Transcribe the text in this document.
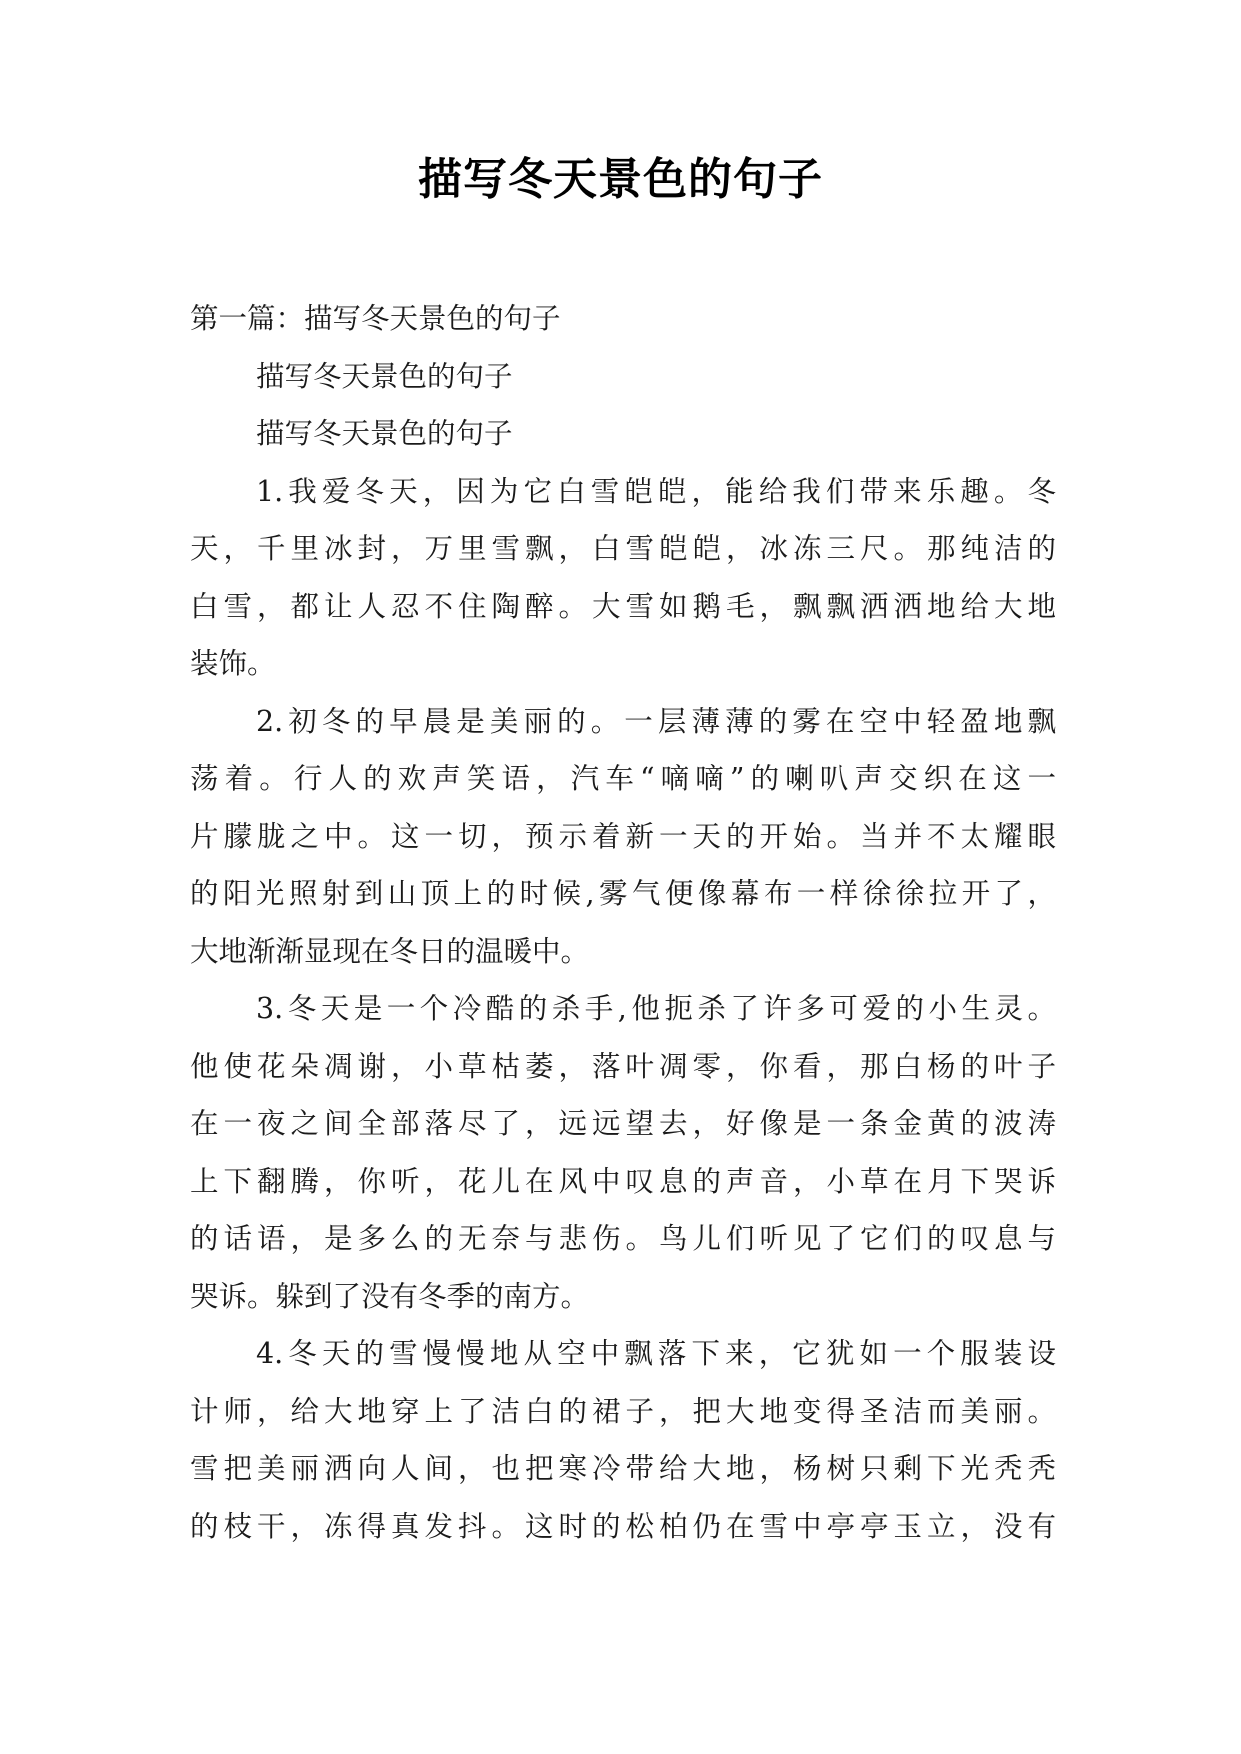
描写冬天景色的句子
第一篇：描写冬天景色的句子
描写冬天景色的句子
描写冬天景色的句子
1.我爱冬天，因为它白雪皑皑，能给我们带来乐趣。冬
天，千里冰封，万里雪飘，白雪皑皑，冰冻三尺。那纯洁的
白雪，都让人忍不住陶醉。大雪如鹅毛，飘飘洒洒地给大地
装饰。
2.初冬的早晨是美丽的。一层薄薄的雾在空中轻盈地飘
荡着。行人的欢声笑语，汽车“嘀嘀”的喇叭声交织在这一
片朦胧之中。这一切，预示着新一天的开始。当并不太耀眼
的阳光照射到山顶上的时候,雾气便像幕布一样徐徐拉开了，
大地渐渐显现在冬日的温暖中。
3.冬天是一个冷酷的杀手,他扼杀了许多可爱的小生灵。
他使花朵凋谢，小草枯萎，落叶凋零，你看，那白杨的叶子
在一夜之间全部落尽了，远远望去，好像是一条金黄的波涛
上下翻腾，你听，花儿在风中叹息的声音，小草在月下哭诉
的话语，是多么的无奈与悲伤。鸟儿们听见了它们的叹息与
哭诉。躲到了没有冬季的南方。
4.冬天的雪慢慢地从空中飘落下来，它犹如一个服装设
计师，给大地穿上了洁白的裙子，把大地变得圣洁而美丽。
雪把美丽洒向人间，也把寒冷带给大地，杨树只剩下光秃秃
的枝干，冻得真发抖。这时的松柏仍在雪中亭亭玉立，没有
